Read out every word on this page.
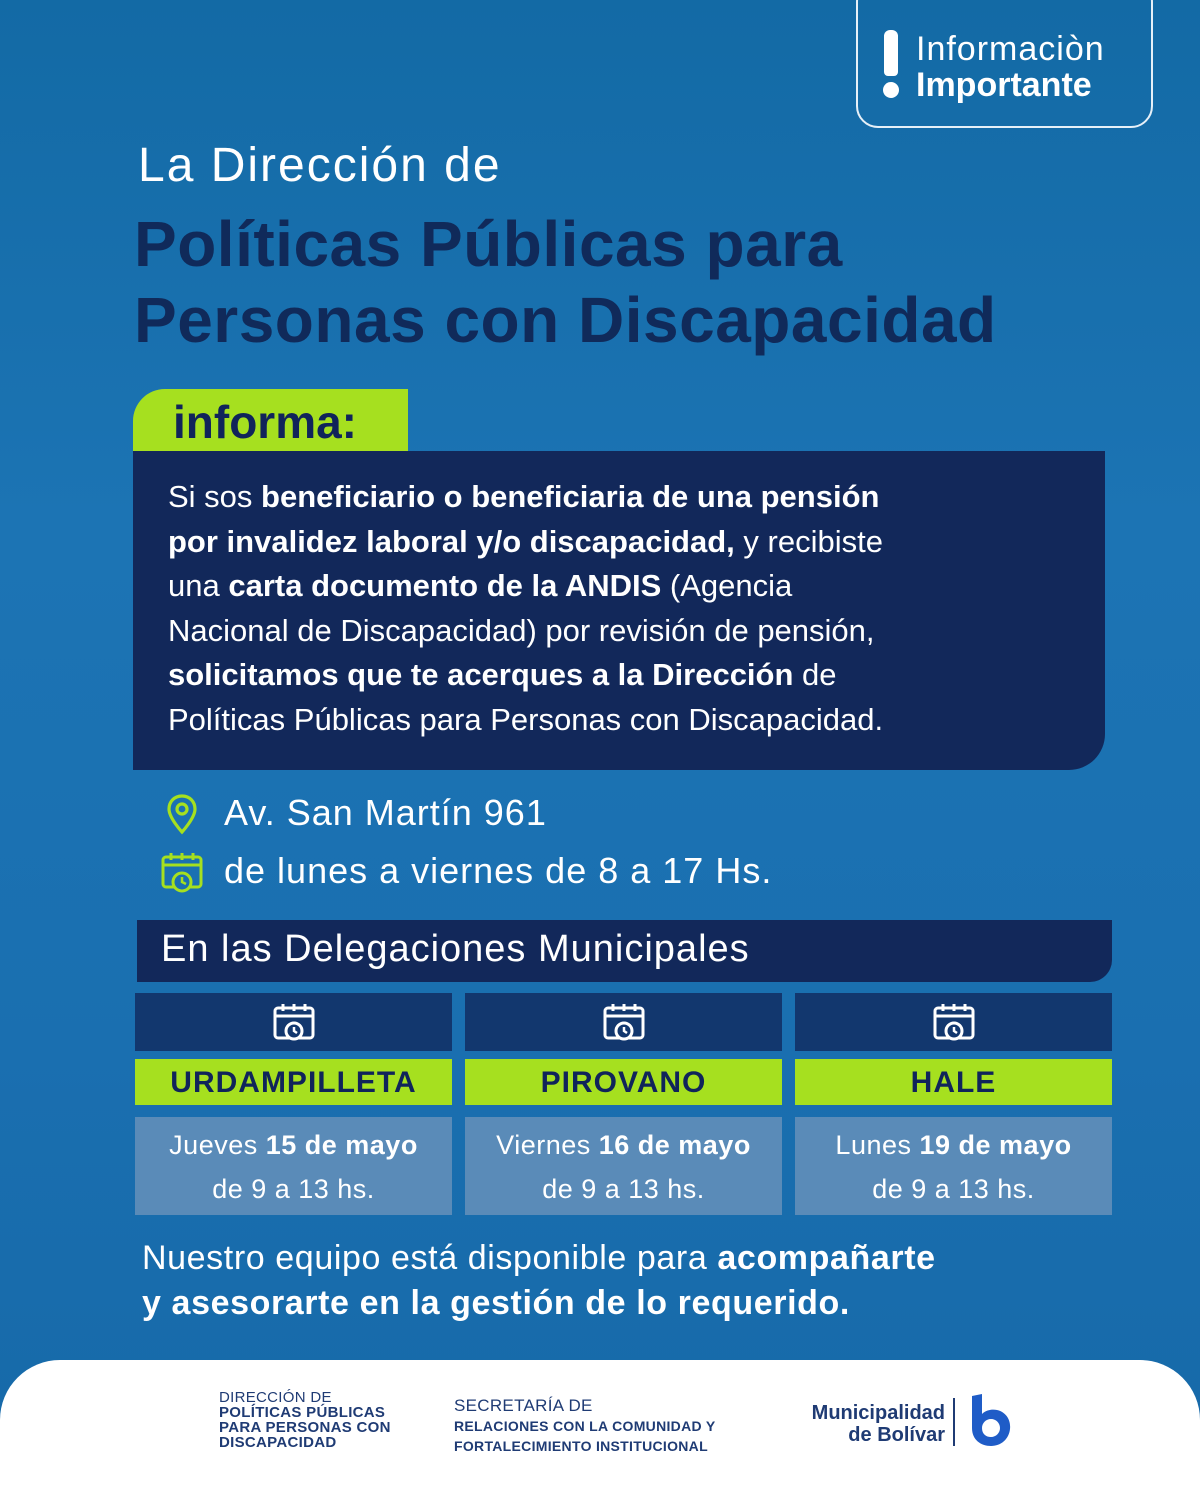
Informaciòn
Importante
La Dirección de
Políticas Públicas para
Personas con Discapacidad
informa:
Si sos beneficiario o beneficiaria de una pensión
por invalidez laboral y/o discapacidad, y recibiste
una carta documento de la ANDIS (Agencia
Nacional de Discapacidad) por revisión de pensión,
solicitamos que te acerques a la Dirección de
Políticas Públicas para Personas con Discapacidad.
Av. San Martín 961
de lunes a viernes de 8 a 17 Hs.
En las Delegaciones Municipales
URDAMPILLETA
Jueves 15 de mayo
de 9 a 13 hs.
PIROVANO
Viernes 16 de mayo
de 9 a 13 hs.
HALE
Lunes 19 de mayo
de 9 a 13 hs.
Nuestro equipo está disponible para acompañarte
y asesorarte en la gestión de lo requerido.
DIRECCIÓN DE
POLÍTICAS PÚBLICAS
PARA PERSONAS CON
DISCAPACIDAD
SECRETARÍA DE
RELACIONES CON LA COMUNIDAD Y
FORTALECIMIENTO INSTITUCIONAL
Municipalidad
de Bolívar
